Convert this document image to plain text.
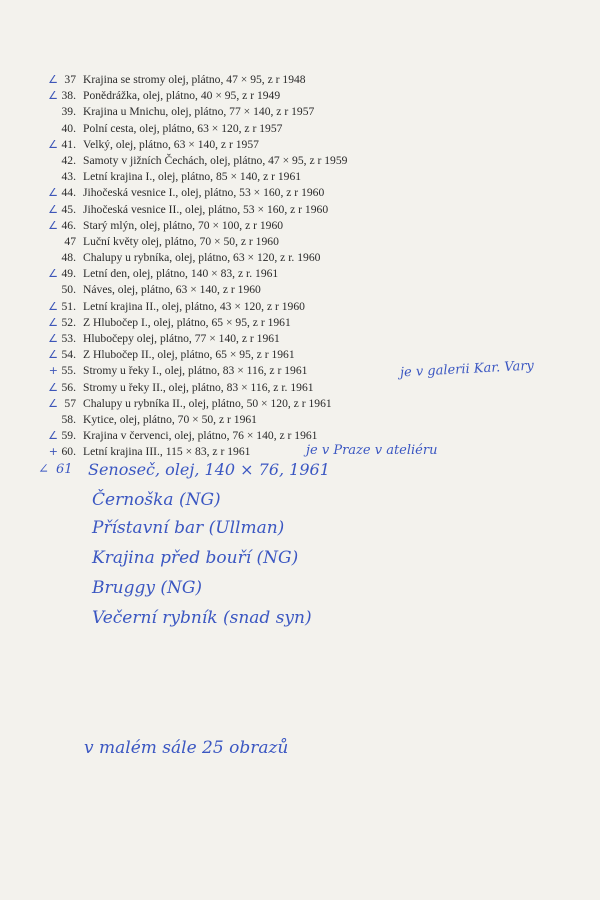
∠ 37 Krajina se stromy olej, plátno, 47 × 95, z r 1948
∠ 38. Ponědrážka, olej, plátno, 40 × 95, z r 1949
39. Krajina u Mnichu, olej, plátno, 77 × 140, z r 1957
40. Polní cesta, olej, plátno, 63 × 120, z r 1957
∠ 41. Velký, olej, plátno, 63 × 140, z r 1957
42. Samoty v jižních Čechách, olej, plátno, 47 × 95, z r 1959
43. Letní krajina I., olej, plátno, 85 × 140, z r 1961
∠ 44. Jihočeská vesnice I., olej, plátno, 53 × 160, z r 1960
∠ 45. Jihočeská vesnice II., olej, plátno, 53 × 160, z r 1960
∠ 46. Starý mlýn, olej, plátno, 70 × 100, z r 1960
47 Luční květy olej, plátno, 70 × 50, z r 1960
48. Chalupy u rybníka, olej, plátno, 63 × 120, z r. 1960
∠ 49. Letní den, olej, plátno, 140 × 83, z r. 1961
50. Náves, olej, plátno, 63 × 140, z r 1960
∠ 51. Letní krajina II., olej, plátno, 43 × 120, z r 1960
∠ 52. Z Hlubočep I., olej, plátno, 65 × 95, z r 1961
∠ 53. Hlubočepy olej, plátno, 77 × 140, z r 1961
∠ 54. Z Hlubočep II., olej, plátno, 65 × 95, z r 1961
+ 55. Stromy u řeky I., olej, plátno, 83 × 116, z r 1961	je v galerii Kar. Vary
∠ 56. Stromy u řeky II., olej, plátno, 83 × 116, z r. 1961
∠ 57 Chalupy u rybníka II., olej, plátno, 50 × 120, z r 1961
58. Kytice, olej, plátno, 70 × 50, z r 1961
∠ 59. Krajina v červenci, olej, plátno, 76 × 140, z r 1961
+ 60. Letní krajina III., 115 × 83, z r 1961	je v Praze v ateliéru
∠ 61 Senoseč, olej, 140 × 76, 1961
Černoška (NG)
Přístavní bar (Ullman)
Krajina před bouří (NG)
Bruggy (NG)
Večerní rybník (snad syn)
v malém sále 25 obrazů
